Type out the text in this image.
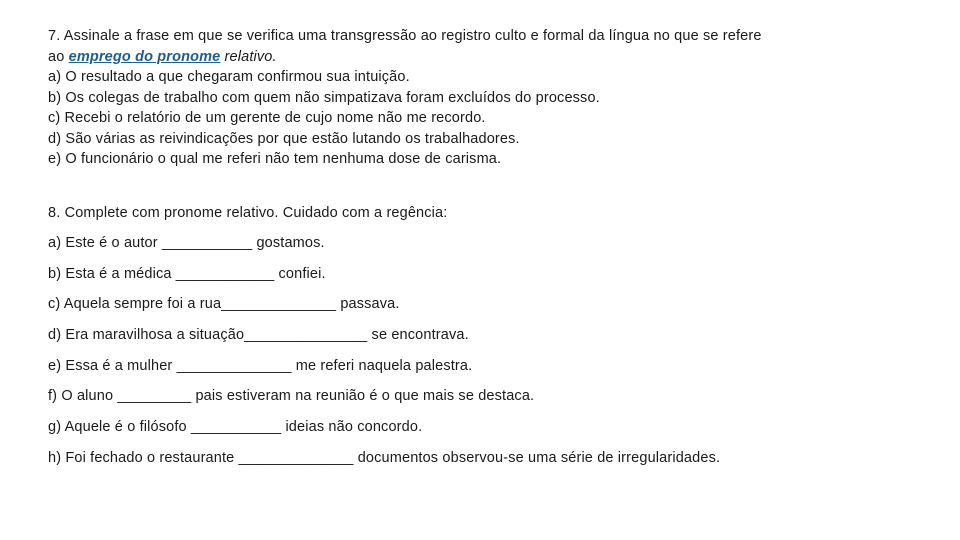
7. Assinale a frase em que se verifica uma transgressão ao registro culto e formal da língua no que se refere

ao emprego do pronome relativo.

a) O resultado a que chegaram confirmou sua intuição.

b) Os colegas de trabalho com quem não simpatizava foram excluídos do processo.

c) Recebi o relatório de um gerente de cujo nome não me recordo.

d) São várias as reivindicações por que estão lutando os trabalhadores.

e) O funcionário o qual me referi não tem nenhuma dose de carisma.

8. Complete com pronome relativo. Cuidado com a regência:

a) Este é o autor ___________ gostamos.

b) Esta é a médica ____________ confiei.

c) Aquela sempre foi a rua______________ passava.

d) Era maravilhosa a situação_______________ se encontrava.

e) Essa é a mulher ______________ me referi naquela palestra.

f) O aluno _________ pais estiveram na reunião é o que mais se destaca.

g) Aquele é o filósofo ___________ ideias não concordo.

h) Foi fechado o restaurante ______________ documentos observou-se uma série de irregularidades.
